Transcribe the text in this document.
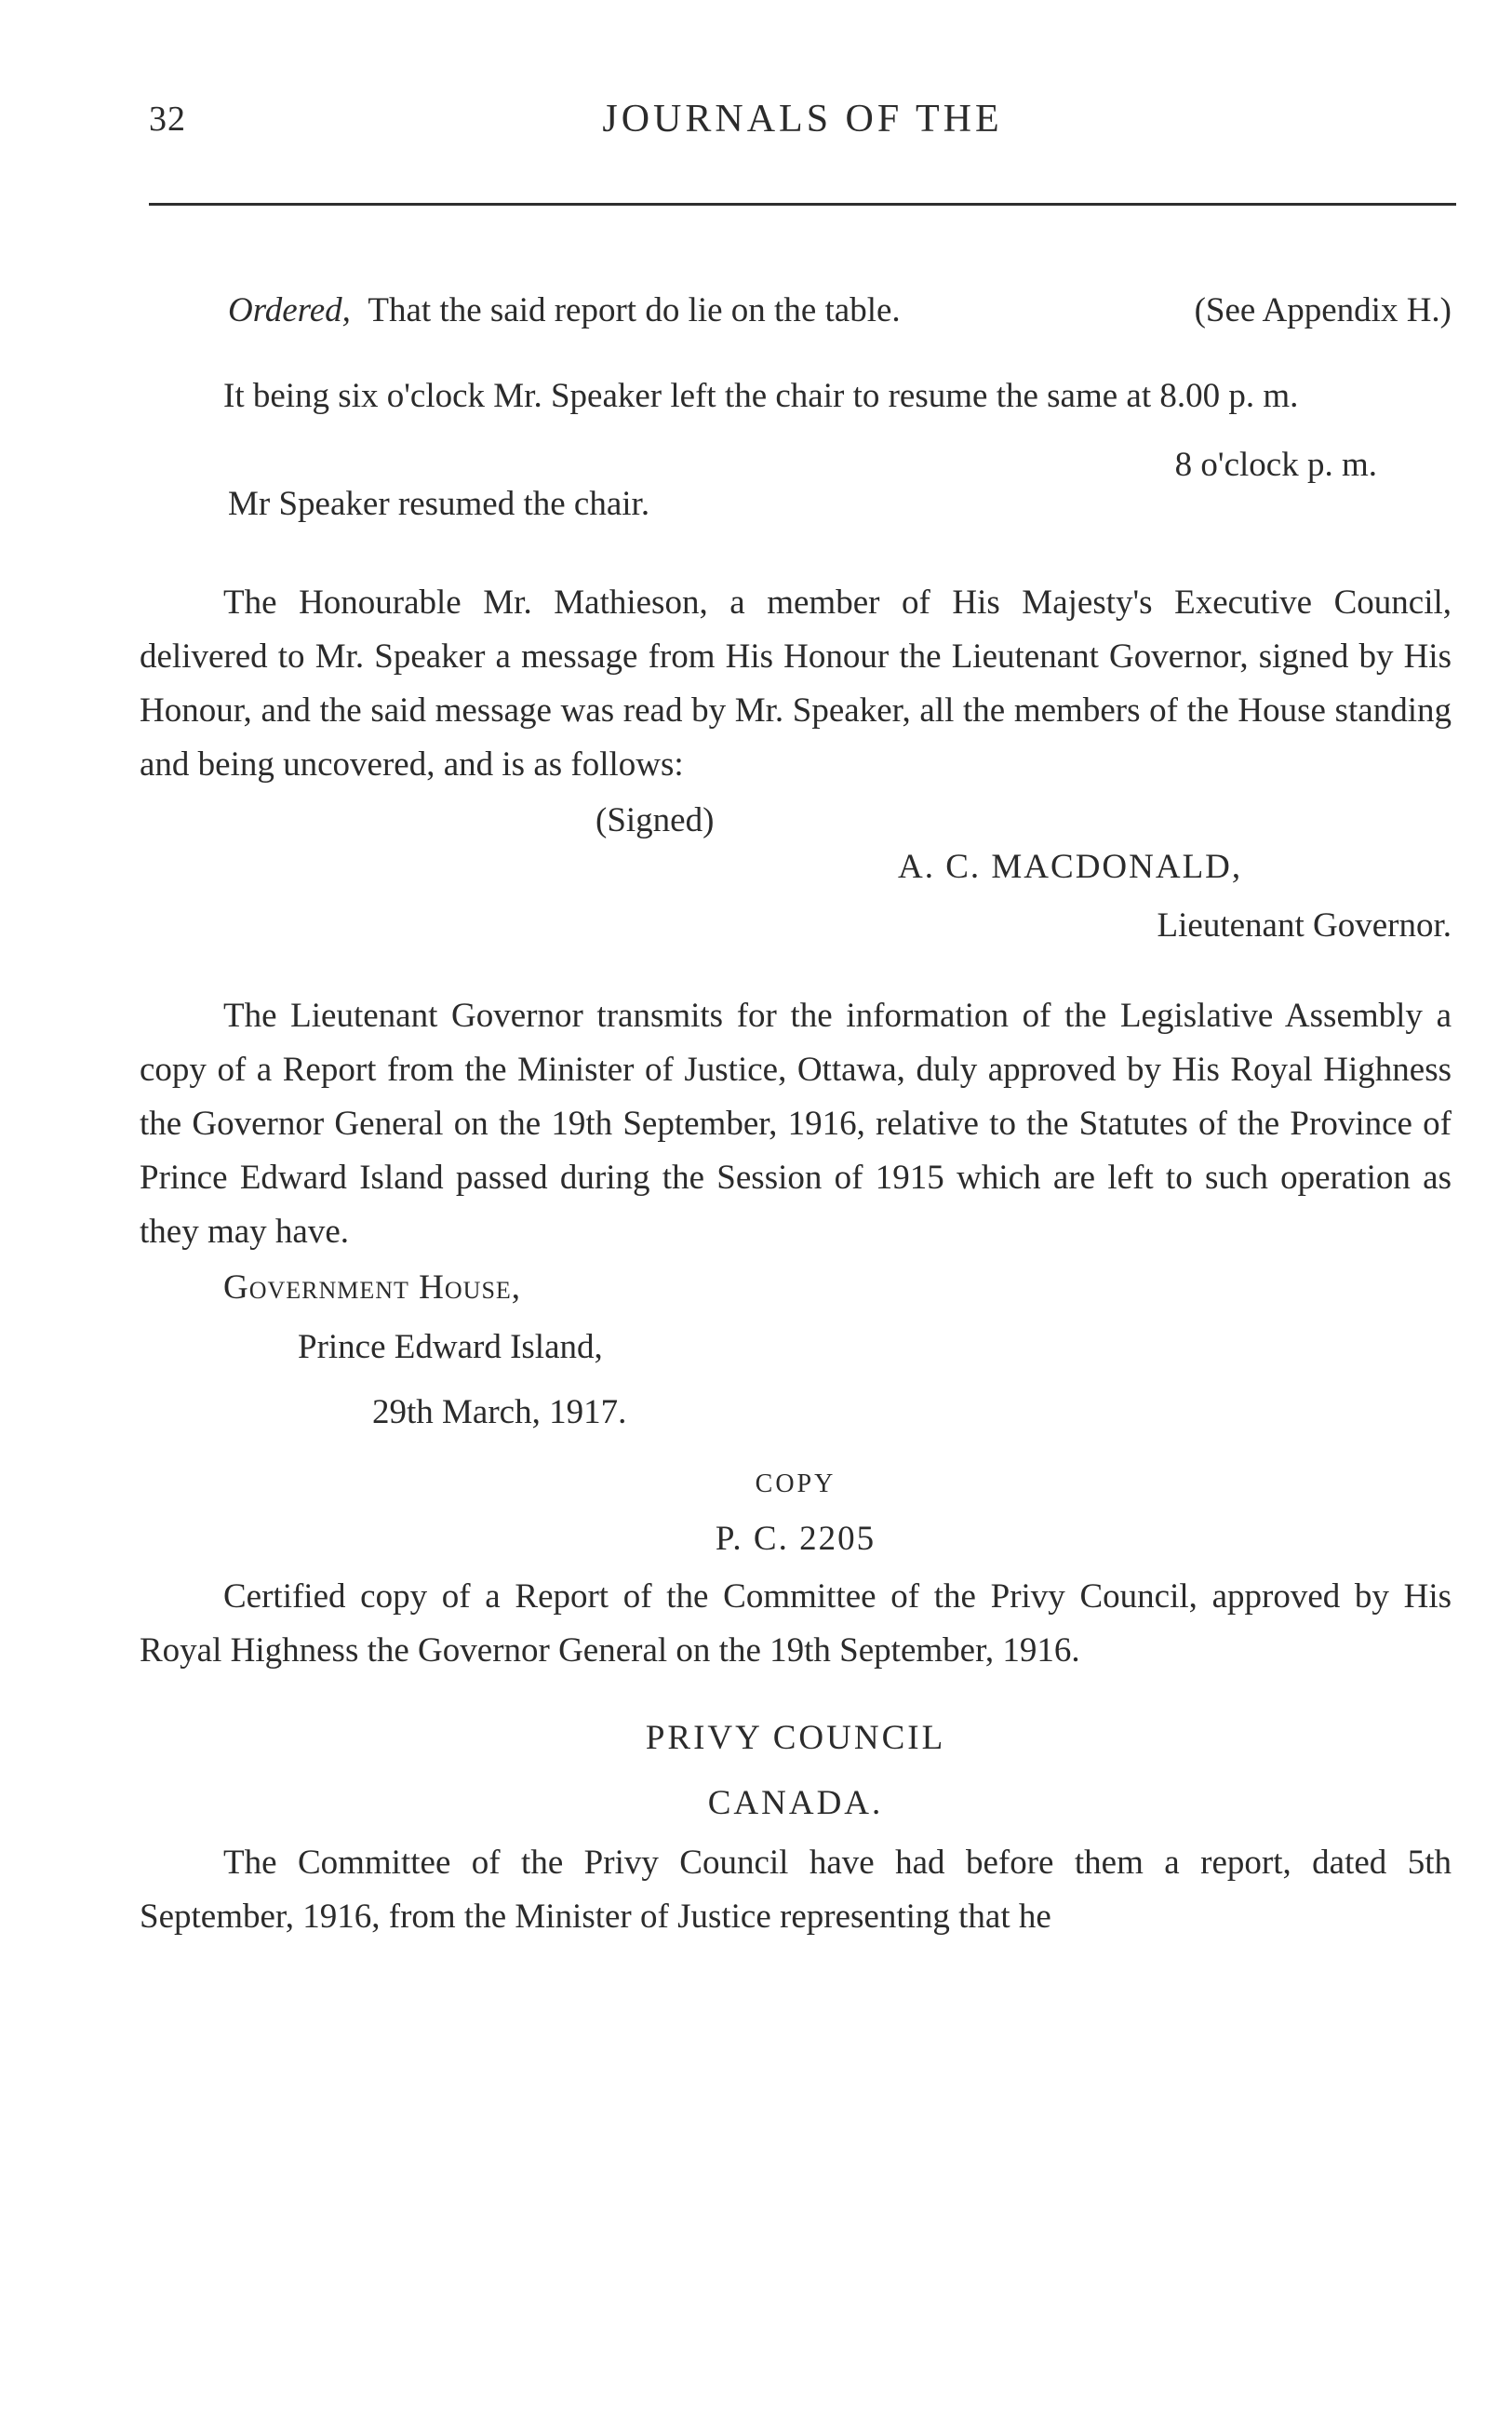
32	JOURNALS OF THE
Ordered, That the said report do lie on the table.	(See Appendix H.)

It being six o'clock Mr. Speaker left the chair to resume the same at 8.00 p. m.

8 o'clock p. m.

Mr Speaker resumed the chair.

The Honourable Mr. Mathieson, a member of His Majesty's Executive Council, delivered to Mr. Speaker a message from His Honour the Lieutenant Governor, signed by His Honour, and the said message was read by Mr. Speaker, all the members of the House standing and being uncovered, and is as follows:

(Signed)

A. C. MACDONALD,

Lieutenant Governor.

The Lieutenant Governor transmits for the information of the Legislative Assembly a copy of a Report from the Minister of Justice, Ottawa, duly approved by His Royal Highness the Governor General on the 19th September, 1916, relative to the Statutes of the Province of Prince Edward Island passed during the Session of 1915 which are left to such operation as they may have.

Government House,

Prince Edward Island,

29th March, 1917.

COPY

P. C. 2205

Certified copy of a Report of the Committee of the Privy Council, approved by His Royal Highness the Governor General on the 19th September, 1916.

PRIVY COUNCIL

CANADA.

The Committee of the Privy Council have had before them a report, dated 5th September, 1916, from the Minister of Justice representing that he
